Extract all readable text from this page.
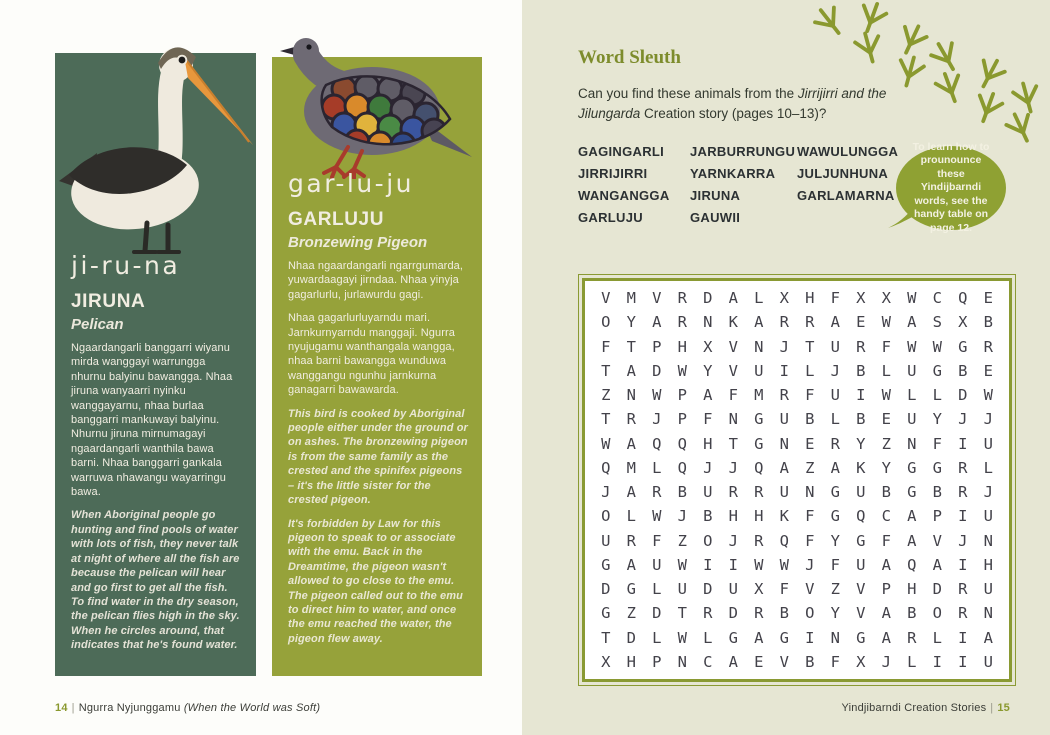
ji-ru-na
JIRUNA
Pelican

Ngaardangarli banggarri wiyanu mirda wanggayi warrungga nhurnu balyinu bawangga. Nhaa jiruna wanyaarri nyinku wanggayarnu, nhaa burlaa banggarri mankuwayi balyinu. Nhurnu jiruna mirnumagayi ngaardangarli wanthila bawa barni. Nhaa banggarri gankala warruwa nhawangu wayarringu bawa.

When Aboriginal people go hunting and find pools of water with lots of fish, they never talk at night of where all the fish are because the pelican will hear and go first to get all the fish. To find water in the dry season, the pelican flies high in the sky. When he circles around, that indicates that he's found water.

gar-lu-ju
GARLUJU
Bronzewing Pigeon

Nhaa ngaardangarli ngarrgumarda, yuwardaagayi jirndaa. Nhaa yinyja gagarlurlu, jurlawurdu gagi.

Nhaa gagarlurluyarndu mari. Jarnkurnyarndu manggaji. Ngurra nyujugamu wanthangala wangga, nhaa barni bawangga wunduwa wanggangu ngunhu jarnkurna ganagarri bawawarda.

This bird is cooked by Aboriginal people either under the ground or on ashes. The bronzewing pigeon is from the same family as the crested and the spinifex pigeons – it's the little sister for the crested pigeon.

It's forbidden by Law for this pigeon to speak to or associate with the emu. Back in the Dreamtime, the pigeon wasn't allowed to go close to the emu. The pigeon called out to the emu to direct him to water, and once the emu reached the water, the pigeon flew away.

14 | Ngurra Nyjunggamu (When the World was Soft)
Word Sleuth

Can you find these animals from the Jirrijirri and the Jilungarda Creation story (pages 10–13)?

GAGINGARLI
JIRRIJIRRI
WANGANGGA
GARLUJU
JARBURRUNGU
YARNKARRA
JIRUNA
GAUWII
WAWULUNGGA
JULJUNHUNA
GARLAMARNA
To learn how to prounounce these Yindijbarndi words, see the handy table on page 12.
V	M	V	R	D	A	L	X	H	F	X	X	W	C	Q	E
O	Y	A	R	N	K	A	R	R	A	E	W	A	S	X	B
F	T	P	H	X	V	N	J	T	U	R	F	W	W	G	R
T	A	D	W	Y	V	U	I	L	J	B	L	U	G	B	E
Z	N	W	P	A	F	M	R	F	U	I	W	L	L	D	W
T	R	J	P	F	N	G	U	B	L	B	E	U	Y	J	J
W	A	Q	Q	H	T	G	N	E	R	Y	Z	N	F	I	U
Q	M	L	Q	J	J	Q	A	Z	A	K	Y	G	G	R	L
J	A	R	B	U	R	R	U	N	G	U	B	G	B	R	J
O	L	W	J	B	H	H	K	F	G	Q	C	A	P	I	U
U	R	F	Z	O	J	R	Q	F	Y	G	F	A	V	J	N
G	A	U	W	I	I	W	W	J	F	U	A	Q	A	I	H
D	G	L	U	D	U	X	F	V	Z	V	P	H	D	R	U
G	Z	D	T	R	D	R	B	O	Y	V	A	B	O	R	N
T	D	L	W	L	G	A	G	I	N	G	A	R	L	I	A
X	H	P	N	C	A	E	V	B	F	X	J	L	I	I	U
Yindjibarndi Creation Stories | 15
